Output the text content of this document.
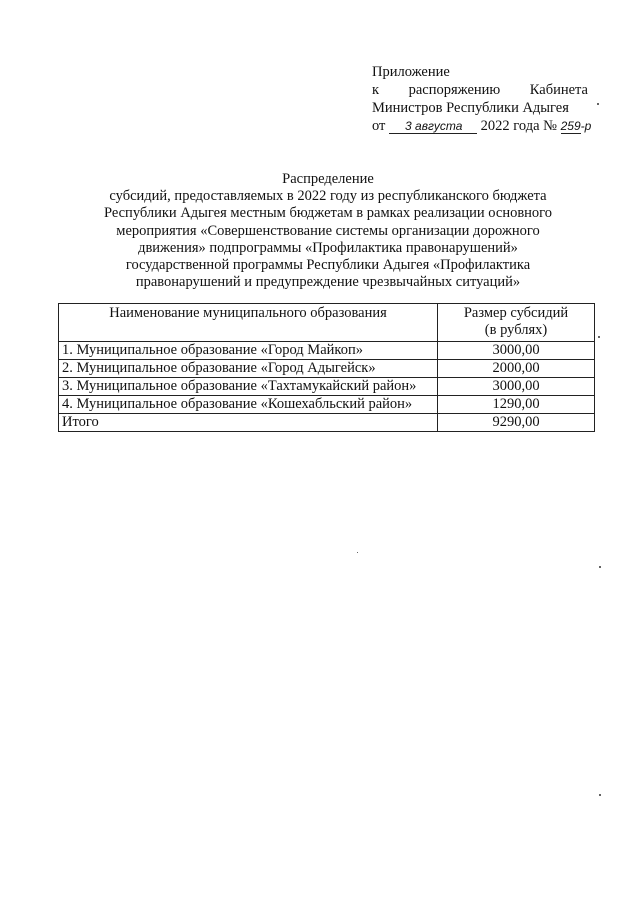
Приложение
к распоряжению Кабинета
Министров Республики Адыгея
от 3 августа 2022 года № 259-р
Распределение
субсидий, предоставляемых в 2022 году из республиканского бюджета
Республики Адыгея местным бюджетам в рамках реализации основного
мероприятия «Совершенствование системы организации дорожного
движения» подпрограммы «Профилактика правонарушений»
государственной программы Республики Адыгея «Профилактика
правонарушений и предупреждение чрезвычайных ситуаций»
Наименование муниципального образования	Размер субсидий
(в рублях)

1. Муниципальное образование «Город Майкоп»	3000,00
2. Муниципальное образование «Город Адыгейск»	2000,00
3. Муниципальное образование «Тахтамукайский район»	3000,00
4. Муниципальное образование «Кошехабльский район»	1290,00
Итого	9290,00
